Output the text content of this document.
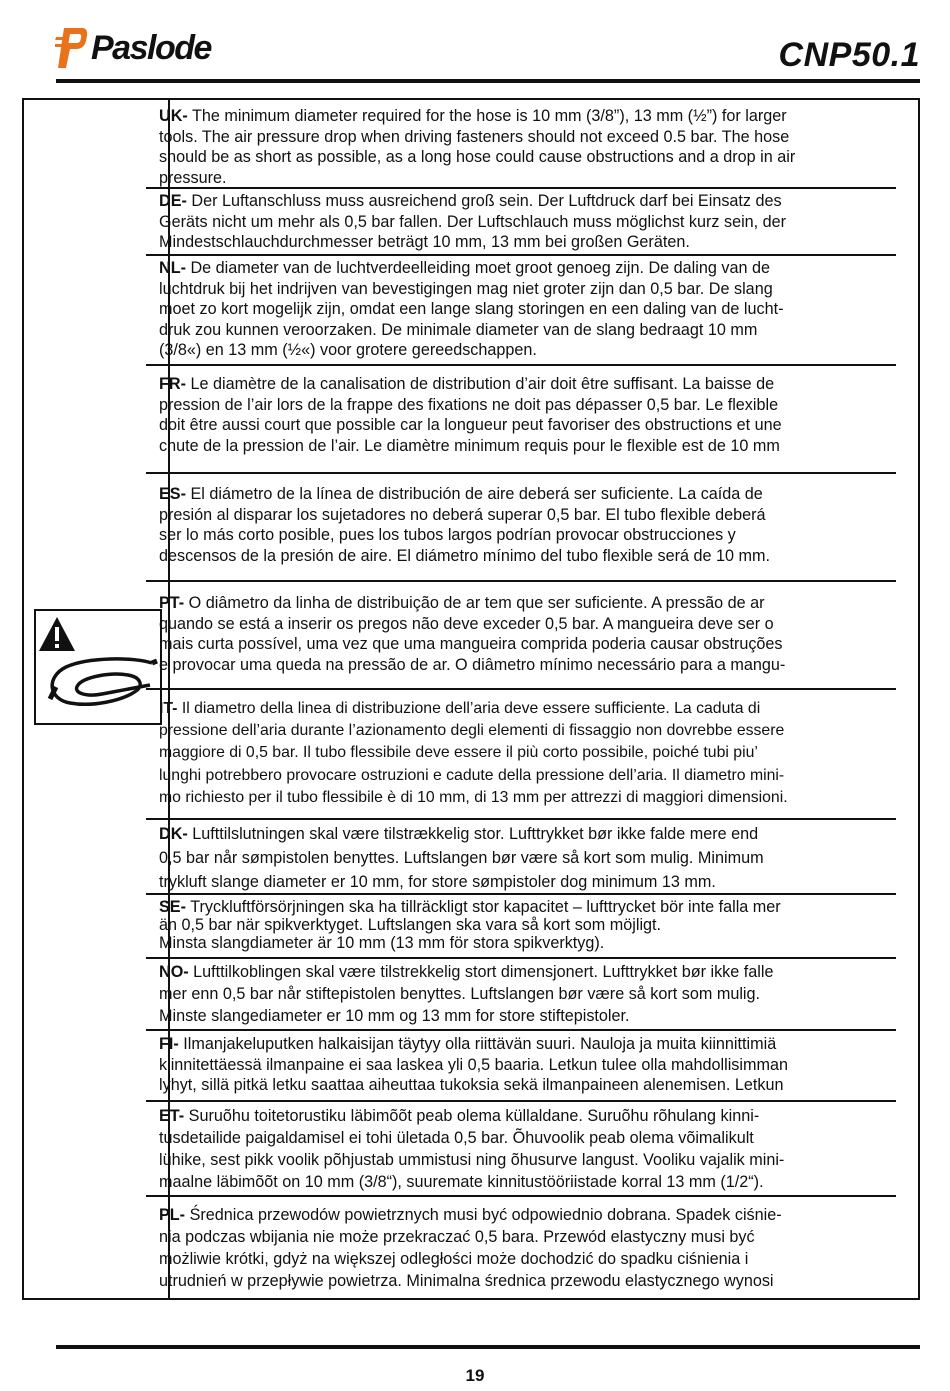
Paslode	CNP50.1
UK- The minimum diameter required for the hose is 10 mm (3/8”), 13 mm (½”) for larger
tools. The air pressure drop when driving fasteners should not exceed 0.5 bar. The hose
should be as short as possible, as a long hose could cause obstructions and a drop in air
pressure.
DE- Der Luftanschluss muss ausreichend groß sein. Der Luftdruck darf bei Einsatz des
Geräts nicht um mehr als 0,5 bar fallen. Der Luftschlauch muss möglichst kurz sein, der
Mindestschlauchdurchmesser beträgt 10 mm, 13 mm bei großen Geräten.
NL- De diameter van de luchtverdeelleiding moet groot genoeg zijn. De daling van de
luchtdruk bij het indrijven van bevestigingen mag niet groter zijn dan 0,5 bar. De slang
moet zo kort mogelijk zijn, omdat een lange slang storingen en een daling van de lucht-
druk zou kunnen veroorzaken. De minimale diameter van de slang bedraagt 10 mm
(3/8«) en 13 mm (½«) voor grotere gereedschappen.
FR- Le diamètre de la canalisation de distribution d’air doit être suffisant. La baisse de
pression de l’air lors de la frappe des fixations ne doit pas dépasser 0,5 bar. Le flexible
doit être aussi court que possible car la longueur peut favoriser des obstructions et une
chute de la pression de l’air. Le diamètre minimum requis pour le flexible est de 10 mm
ES- El diámetro de la línea de distribución de aire deberá ser suficiente. La caída de
presión al disparar los sujetadores no deberá superar 0,5 bar. El tubo flexible deberá
ser lo más corto posible, pues los tubos largos podrían provocar obstrucciones y
descensos de la presión de aire. El diámetro mínimo del tubo flexible será de 10 mm.
PT- O diâmetro da linha de distribuição de ar tem que ser suficiente. A pressão de ar
quando se está a inserir os pregos não deve exceder 0,5 bar. A mangueira deve ser o
mais curta possível, uma vez que uma mangueira comprida poderia causar obstruções
e provocar uma queda na pressão de ar. O diâmetro mínimo necessário para a mangu-
IT- Il diametro della linea di distribuzione dell’aria deve essere sufficiente. La caduta di
pressione dell’aria durante l’azionamento degli elementi di fissaggio non dovrebbe essere
maggiore di 0,5 bar. Il tubo flessibile deve essere il più corto possibile, poiché tubi piu’
lunghi potrebbero provocare ostruzioni e cadute della pressione dell’aria. Il diametro mini-
mo richiesto per il tubo flessibile è di 10 mm, di 13 mm per attrezzi di maggiori dimensioni.
DK- Lufttilslutningen skal være tilstrækkelig stor. Lufttrykket bør ikke falde mere end
0,5 bar når sømpistolen benyttes. Luftslangen bør være så kort som mulig. Minimum
trykluft slange diameter er 10 mm, for store sømpistoler dog minimum 13 mm.
SE- Tryckluftförsörjningen ska ha tillräckligt stor kapacitet – lufttrycket bör inte falla mer
än 0,5 bar när spikverktyget. Luftslangen ska vara så kort som möjligt.
Minsta slangdiameter är 10 mm (13 mm för stora spikverktyg).
NO- Lufttilkoblingen skal være tilstrekkelig stort dimensjonert. Lufttrykket bør ikke falle
mer enn 0,5 bar når stiftepistolen benyttes. Luftslangen bør være så kort som mulig.
Minste slangediameter er 10 mm og 13 mm for store stiftepistoler.
FI- Ilmanjakeluputken halkaisijan täytyy olla riittävän suuri. Nauloja ja muita kiinnittimiä
kiinnitettäessä ilmanpaine ei saa laskea yli 0,5 baaria. Letkun tulee olla mahdollisimman
lyhyt, sillä pitkä letku saattaa aiheuttaa tukoksia sekä ilmanpaineen alenemisen. Letkun
ET- Suruõhu toitetorustiku läbimõõt peab olema küllaldane. Suruõhu rõhulang kinni-
tusdetailide paigaldamisel ei tohi ületada 0,5 bar. Õhuvoolik peab olema võimalikult
lühike, sest pikk voolik põhjustab ummistusi ning õhusurve langust. Vooliku vajalik mini-
maalne läbimõõt on 10 mm (3/8“), suuremate kinnitustööriistade korral 13 mm (1/2“).
PL- Średnica przewodów powietrznych musi być odpowiednio dobrana. Spadek ciśnie-
nia podczas wbijania nie może przekraczać 0,5 bara. Przewód elastyczny musi być
możliwie krótki, gdyż na większej odległości może dochodzić do spadku ciśnienia i
utrudnień w przepływie powietrza. Minimalna średnica przewodu elastycznego wynosi
19
